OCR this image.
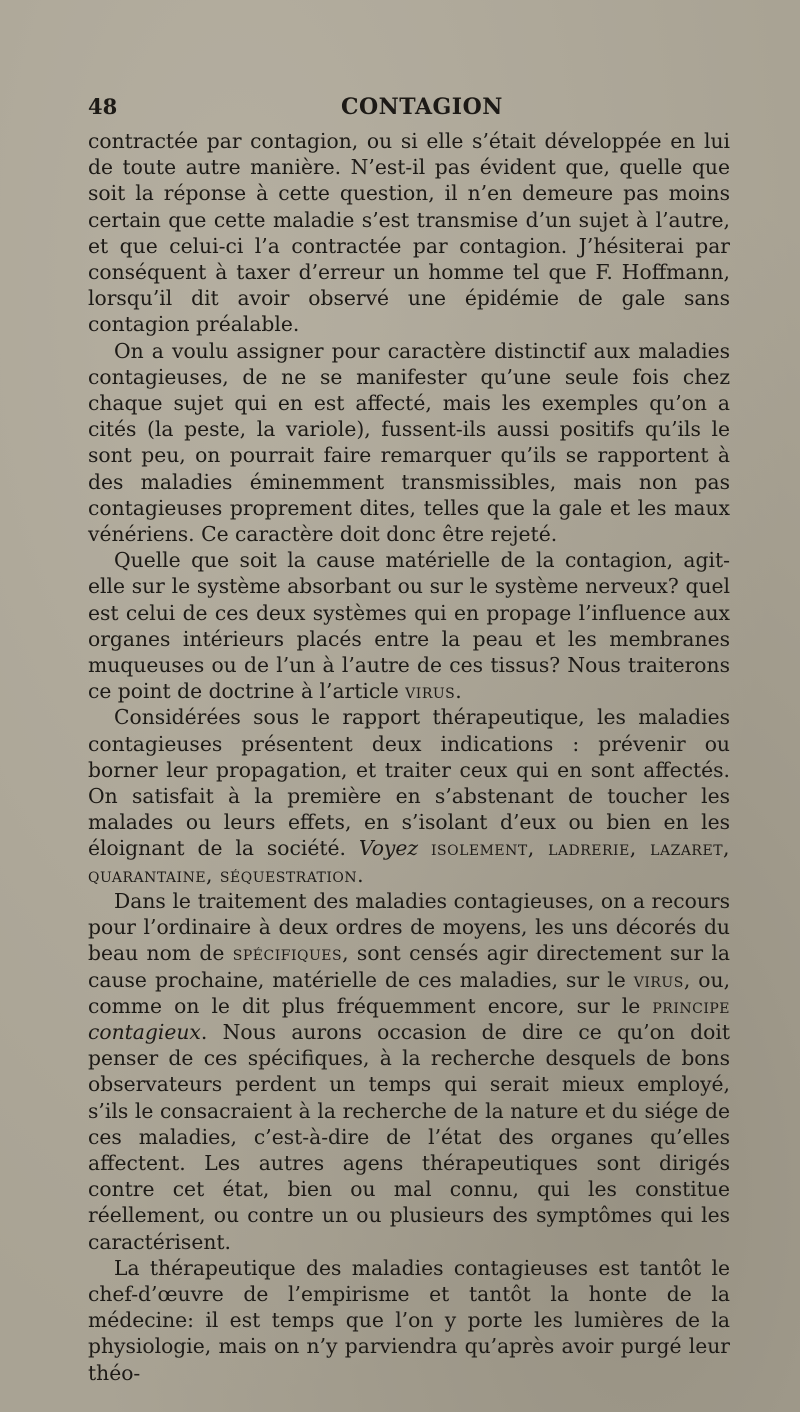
48	CONTAGION

contractée par contagion, ou si elle s’était développée en lui de toute autre manière. N’est-il pas évident que, quelle que soit la réponse à cette question, il n’en demeure pas moins certain que cette maladie s’est transmise d’un sujet à l’autre, et que celui-ci l’a contractée par contagion. J’hésiterai par conséquent à taxer d’erreur un homme tel que F. Hoffmann, lorsqu’il dit avoir observé une épidémie de gale sans contagion préalable.

On a voulu assigner pour caractère distinctif aux maladies contagieuses, de ne se manifester qu’une seule fois chez chaque sujet qui en est affecté, mais les exemples qu’on a cités (la peste, la variole), fussent-ils aussi positifs qu’ils le sont peu, on pourrait faire remarquer qu’ils se rapportent à des maladies éminemment transmissibles, mais non pas contagieuses proprement dites, telles que la gale et les maux vénériens. Ce caractère doit donc être rejeté.

Quelle que soit la cause matérielle de la contagion, agit-elle sur le système absorbant ou sur le système nerveux? quel est celui de ces deux systèmes qui en propage l’influence aux organes intérieurs placés entre la peau et les membranes muqueuses ou de l’un à l’autre de ces tissus? Nous traiterons ce point de doctrine à l’article virus.

Considérées sous le rapport thérapeutique, les maladies contagieuses présentent deux indications : prévenir ou borner leur propagation, et traiter ceux qui en sont affectés. On satisfait à la première en s’abstenant de toucher les malades ou leurs effets, en s’isolant d’eux ou bien en les éloignant de la société. Voyez isolement, ladrerie, lazaret, quarantaine, séquestration.

Dans le traitement des maladies contagieuses, on a recours pour l’ordinaire à deux ordres de moyens, les uns décorés du beau nom de spécifiques, sont censés agir directement sur la cause prochaine, matérielle de ces maladies, sur le virus, ou, comme on le dit plus fréquemment encore, sur le principe contagieux. Nous aurons occasion de dire ce qu’on doit penser de ces spécifiques, à la recherche desquels de bons observateurs perdent un temps qui serait mieux employé, s’ils le consacraient à la recherche de la nature et du siége de ces maladies, c’est-à-dire de l’état des organes qu’elles affectent. Les autres agens thérapeutiques sont dirigés contre cet état, bien ou mal connu, qui les constitue réellement, ou contre un ou plusieurs des symptômes qui les caractérisent.

La thérapeutique des maladies contagieuses est tantôt le chef-d’œuvre de l’empirisme et tantôt la honte de la médecine: il est temps que l’on y porte les lumières de la physiologie, mais on n’y parviendra qu’après avoir purgé leur théo-
